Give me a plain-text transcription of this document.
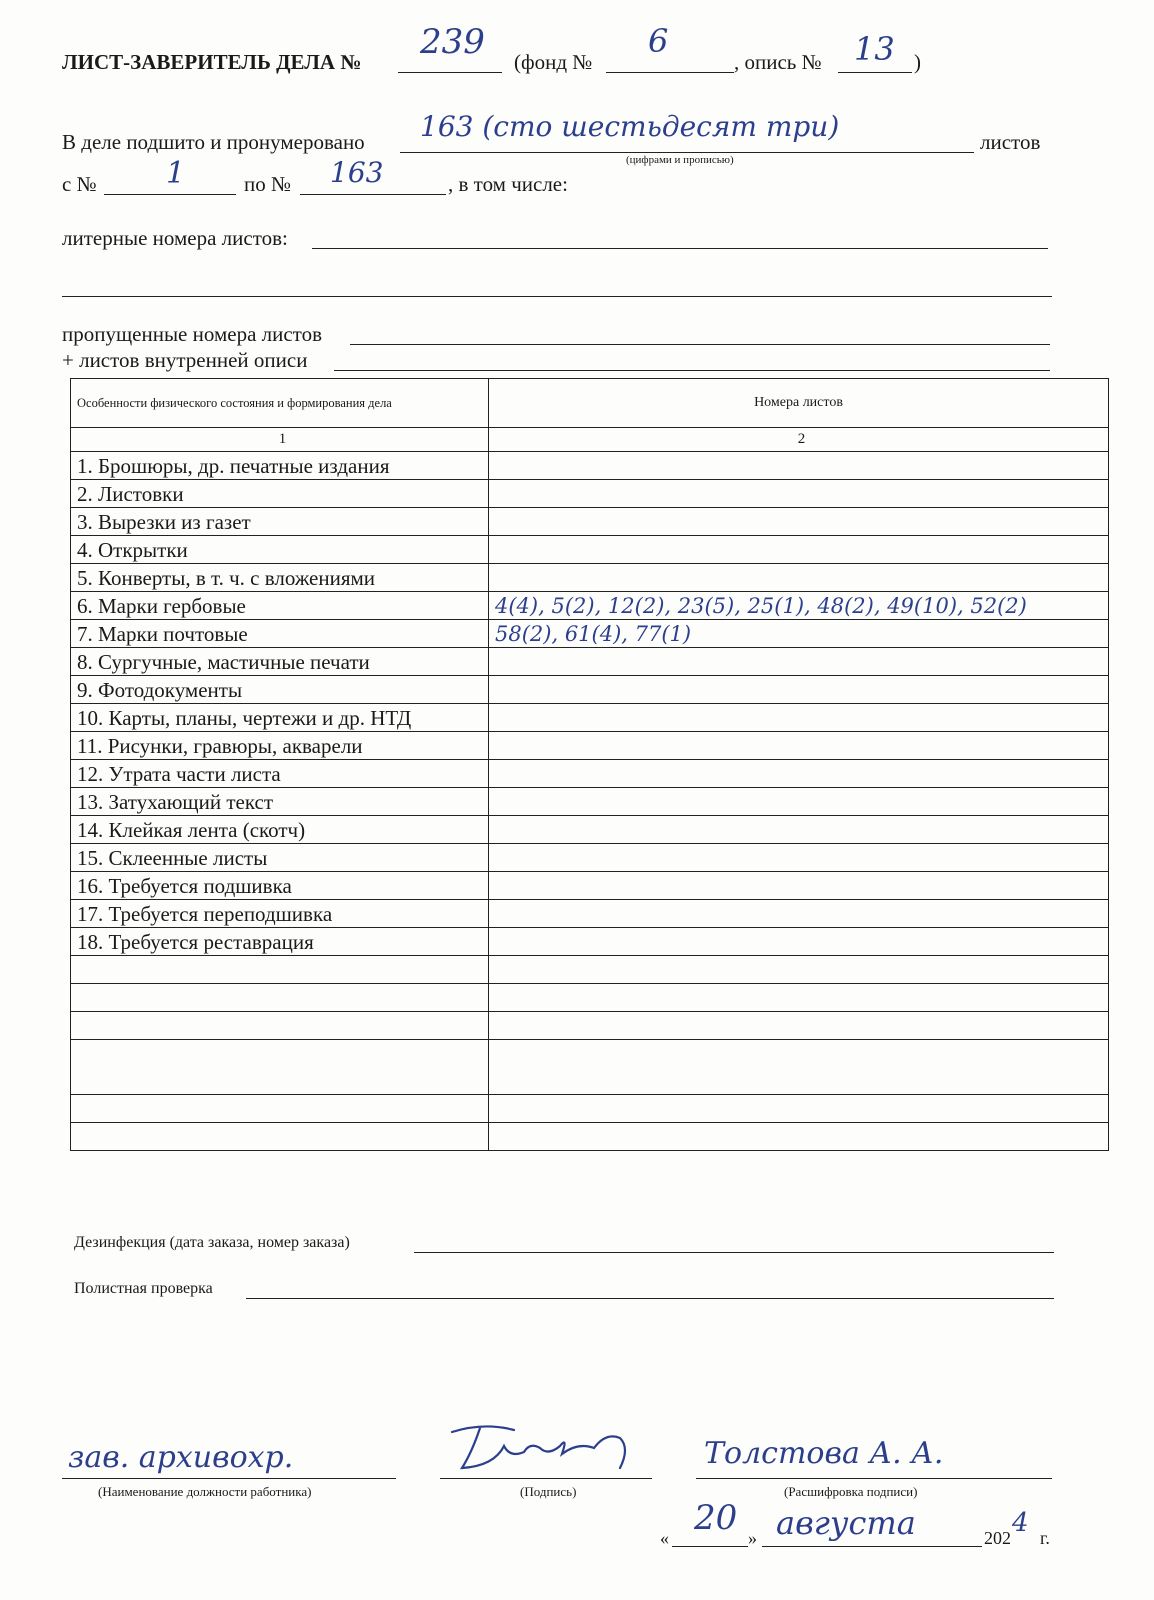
ЛИСТ-ЗАВЕРИТЕЛЬ ДЕЛА № 239 (фонд №
6
, опись № 13 )
В деле подшито и пронумеровано 163 (сто шестьдесят три)	листов
(цифрами и прописью)
с № 1	по № 163	, в том числе:
литерные номера листов:
пропущенные номера листов
+ листов внутренней описи
Особенности физического состояния и формирования дела	Номера листов
1	2
1. Брошюры, др. печатные издания	
2. Листовки	
3. Вырезки из газет	
4. Открытки	
5. Конверты, в т. ч. с вложениями	
6. Марки гербовые	4(4), 5(2), 12(2), 23(5), 25(1), 48(2), 49(10), 52(2)
7. Марки почтовые	58(2), 61(4), 77(1)
8. Сургучные, мастичные печати	
9. Фотодокументы	
10. Карты, планы, чертежи и др. НТД	
11. Рисунки, гравюры, акварели	
12. Утрата части листа	
13. Затухающий текст	
14. Клейкая лента (скотч)	
15. Склеенные листы	
16. Требуется подшивка	
17. Требуется переподшивка	
18. Требуется реставрация	

Дезинфекция (дата заказа, номер заказа)
Полистная проверка
зав. архивохр.
(Наименование должности работника)	(Подпись)
Толстова А. А.
(Расшифровка подписи)
« 20 » августа	202 4 г.
